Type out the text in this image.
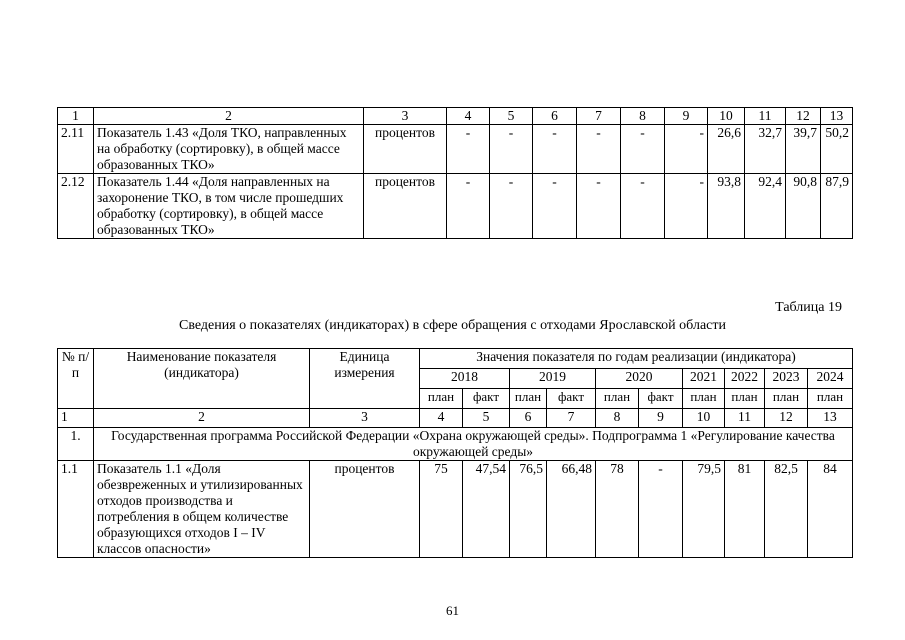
1	2	3	4	5	6	7	8	9	10	11	12	13
2.11	Показатель 1.43 «Доля ТКО, направленных на обработку (сортировку), в общей массе образованных ТКО»	процентов	-	-	-	-	-	-	26,6	32,7	39,7	50,2
2.12	Показатель 1.44 «Доля направленных на захоронение ТКО, в том числе прошедших обработку (сортировку), в общей массе образованных ТКО»	процентов	-	-	-	-	-	-	93,8	92,4	90,8	87,9
Таблица 19
Сведения о показателях (индикаторах) в сфере обращения с отходами Ярославской области
№ п/п	Наименование показателя (индикатора)	Единица измерения	Значения показателя по годам реализации (индикатора)									
			2018		2019		2020		2021	2022	2023	2024
			план	факт	план	факт	план	факт	план	план	план	план
1	2	3	4	5	6	7	8	9	10	11	12	13
1.	Государственная программа Российской Федерации «Охрана окружающей среды». Подпрограмма 1 «Регулирование качества окружающей среды»											
1.1	Показатель 1.1 «Доля обезвреженных и утилизированных отходов производства и потребления в общем количестве образующихся отходов I – IV классов опасности»	процентов	75	47,54	76,5	66,48	78	-	79,5	81	82,5	84
61
